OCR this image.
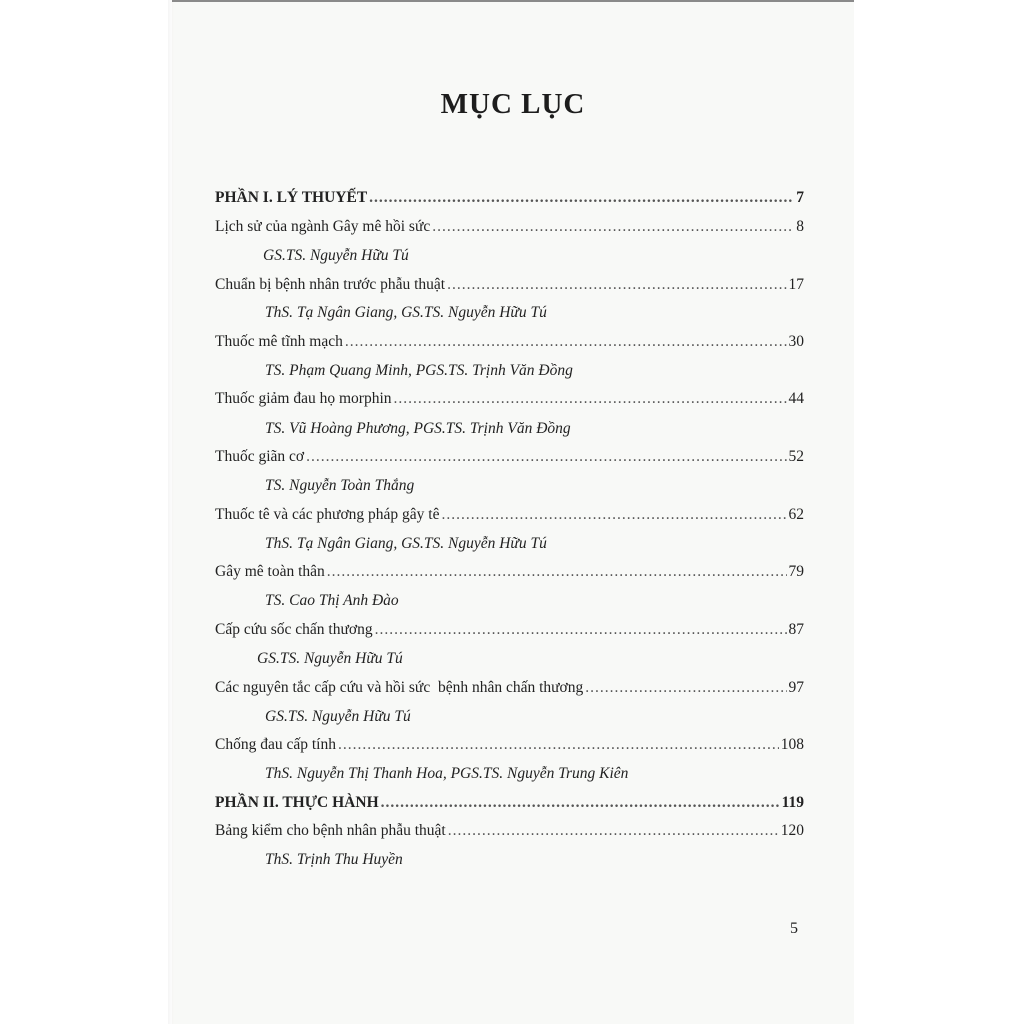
MỤC LỤC
PHẦN I. LÝ THUYẾT .....	7
Lịch sử của ngành Gây mê hồi sức .....	8
GS.TS. Nguyễn Hữu Tú
Chuẩn bị bệnh nhân trước phẫu thuật .....	17
ThS. Tạ Ngân Giang, GS.TS. Nguyễn Hữu Tú
Thuốc mê tĩnh mạch .....	30
TS. Phạm Quang Minh, PGS.TS. Trịnh Văn Đồng
Thuốc giảm đau họ morphin .....	44
TS. Vũ Hoàng Phương, PGS.TS. Trịnh Văn Đồng
Thuốc giãn cơ .....	52
TS. Nguyễn Toàn Thắng
Thuốc tê và các phương pháp gây tê .....	62
ThS. Tạ Ngân Giang, GS.TS. Nguyễn Hữu Tú
Gây mê toàn thân .....	79
TS. Cao Thị Anh Đào
Cấp cứu sốc chấn thương .....	87
GS.TS. Nguyễn Hữu Tú
Các nguyên tắc cấp cứu và hồi sức  bệnh nhân chấn thương .....	97
GS.TS. Nguyễn Hữu Tú
Chống đau cấp tính .....	108
ThS. Nguyễn Thị Thanh Hoa, PGS.TS. Nguyễn Trung Kiên
PHẦN II. THỰC HÀNH .....	119
Bảng kiểm cho bệnh nhân phẫu thuật .....	120
ThS. Trịnh Thu Huyền
5
